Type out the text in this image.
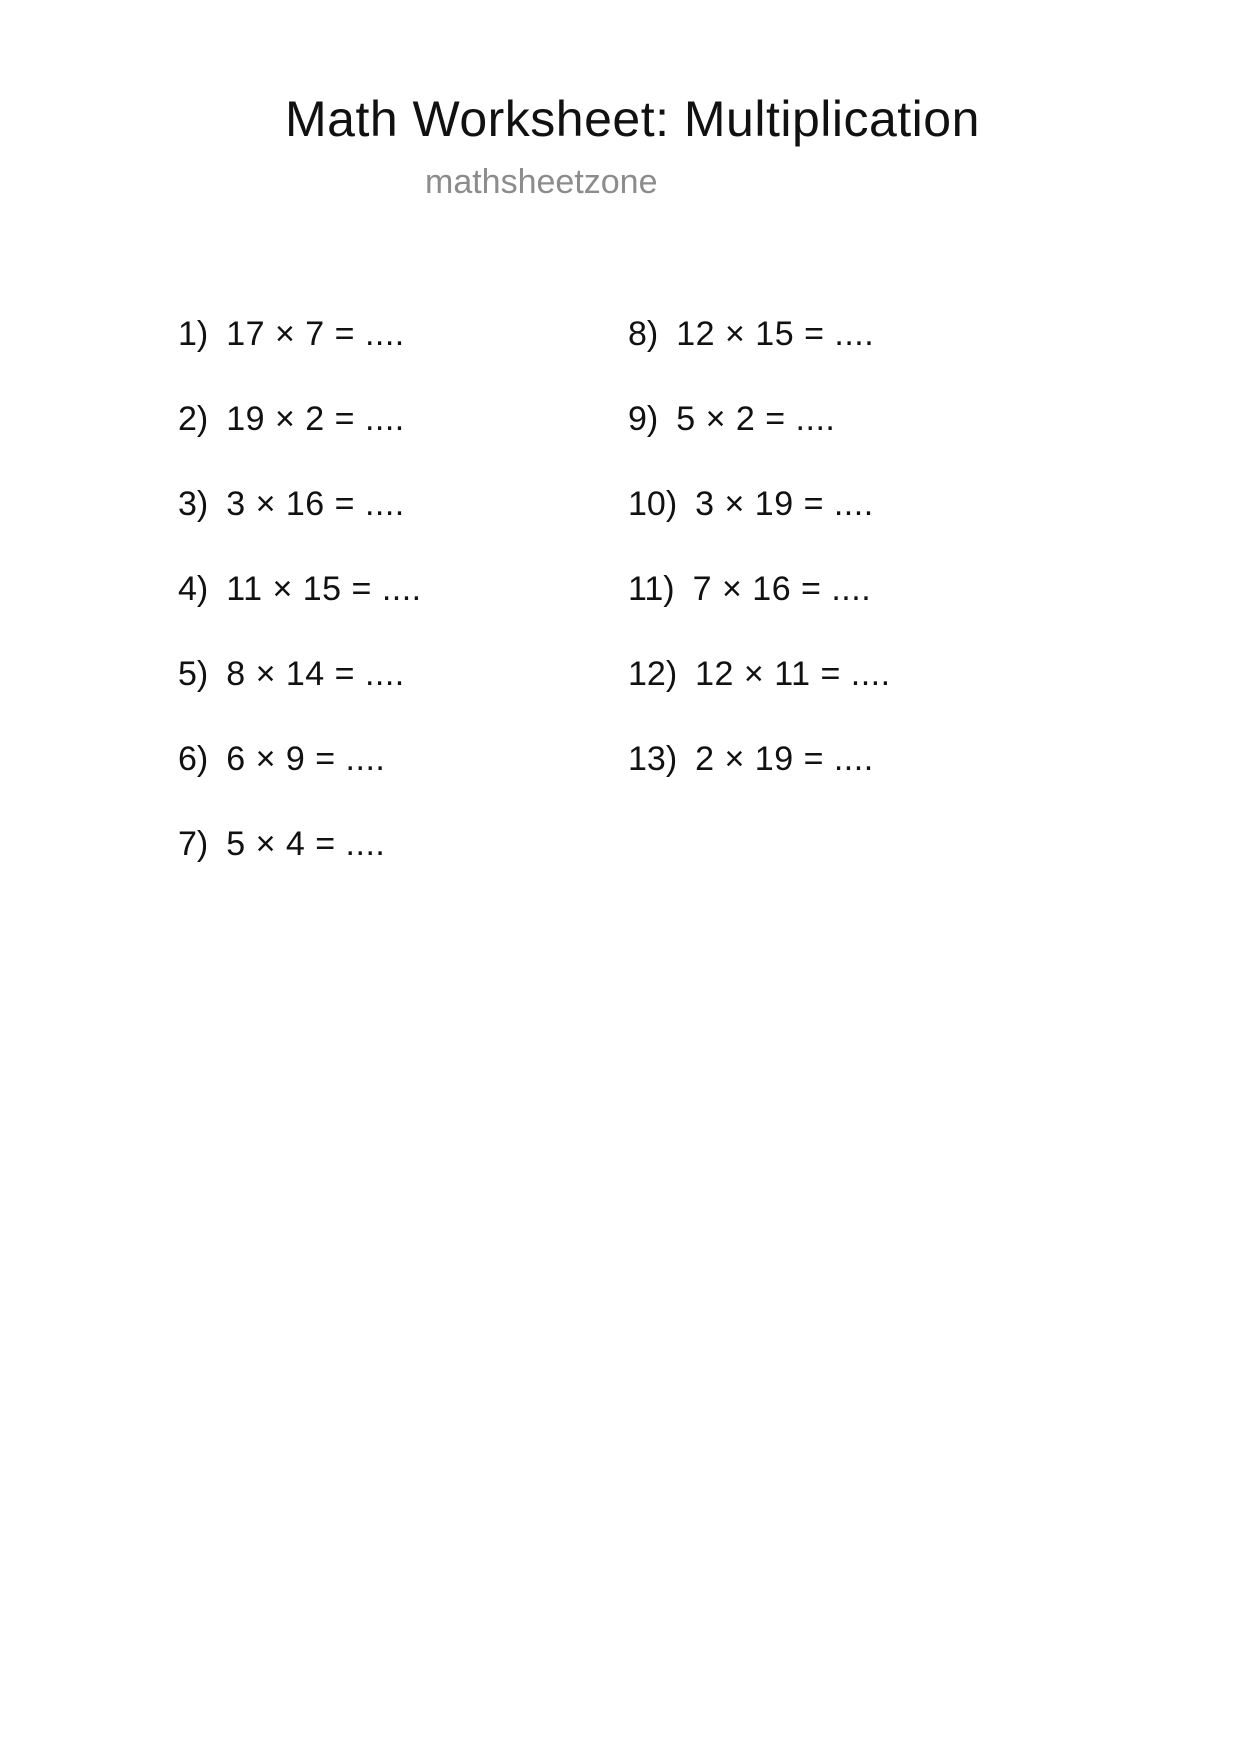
Math Worksheet: Multiplication
mathsheetzone
1) 17 × 7 = ....
2) 19 × 2 = ....
3) 3 × 16 = ....
4) 11 × 15 = ....
5) 8 × 14 = ....
6) 6 × 9 = ....
7) 5 × 4 = ....
8) 12 × 15 = ....
9) 5 × 2 = ....
10) 3 × 19 = ....
11) 7 × 16 = ....
12) 12 × 11 = ....
13) 2 × 19 = ....
